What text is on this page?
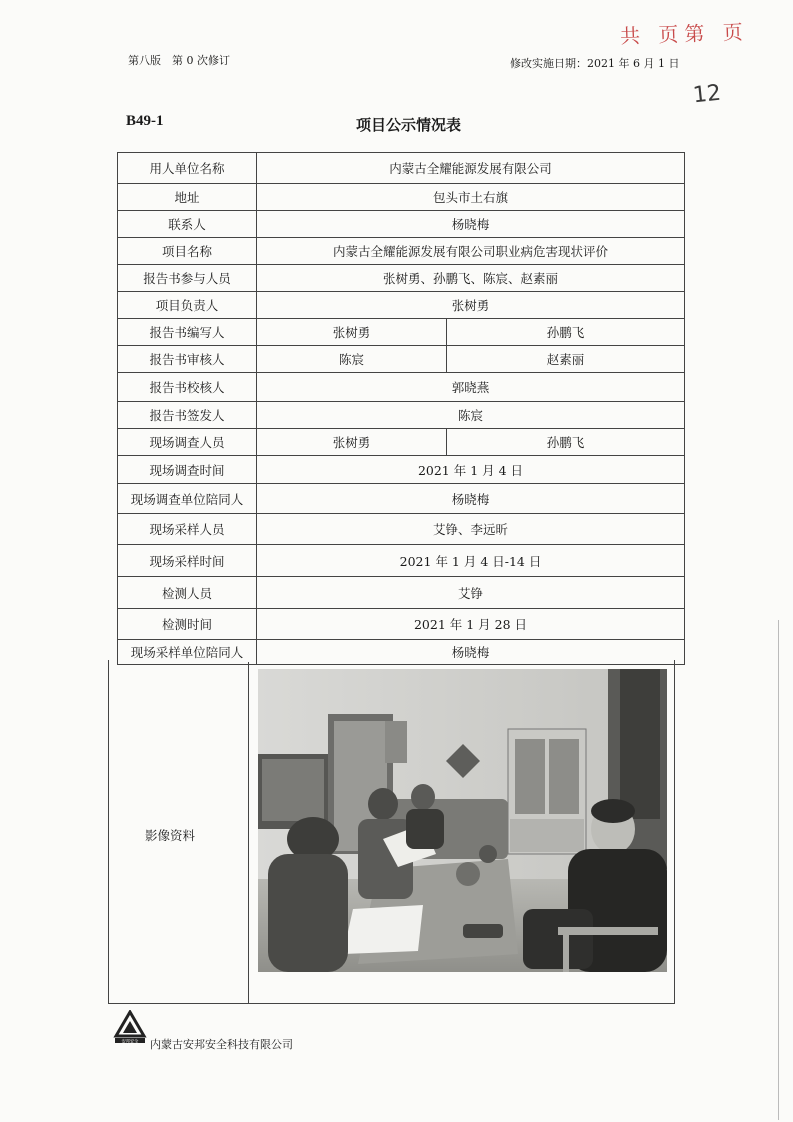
第八版　第 0 次修订	修改实施日期：2021 年 6 月 1 日
共 页第 页
12
B49-1	项目公示情况表
用人单位名称	内蒙古全耀能源发展有限公司	
地址	包头市土右旗	
联系人	杨晓梅	
项目名称	内蒙古全耀能源发展有限公司职业病危害现状评价	
报告书参与人员	张树勇、孙鹏飞、陈宸、赵素丽	
项目负责人	张树勇	
报告书编写人	张树勇	孙鹏飞
报告书审核人	陈宸	赵素丽
报告书校核人	郭晓燕	
报告书签发人	陈宸	
现场调查人员	张树勇	孙鹏飞
现场调查时间	2021 年 1 月 4 日	
现场调查单位陪同人	杨晓梅	
现场采样人员	艾铮、李远昕	
现场采样时间	2021 年 1 月 4 日-14 日	
检测人员	艾铮	
检测时间	2021 年 1 月 28 日	
现场采样单位陪同人	杨晓梅	
影像资料
安邦安全 内蒙古安邦安全科技有限公司
